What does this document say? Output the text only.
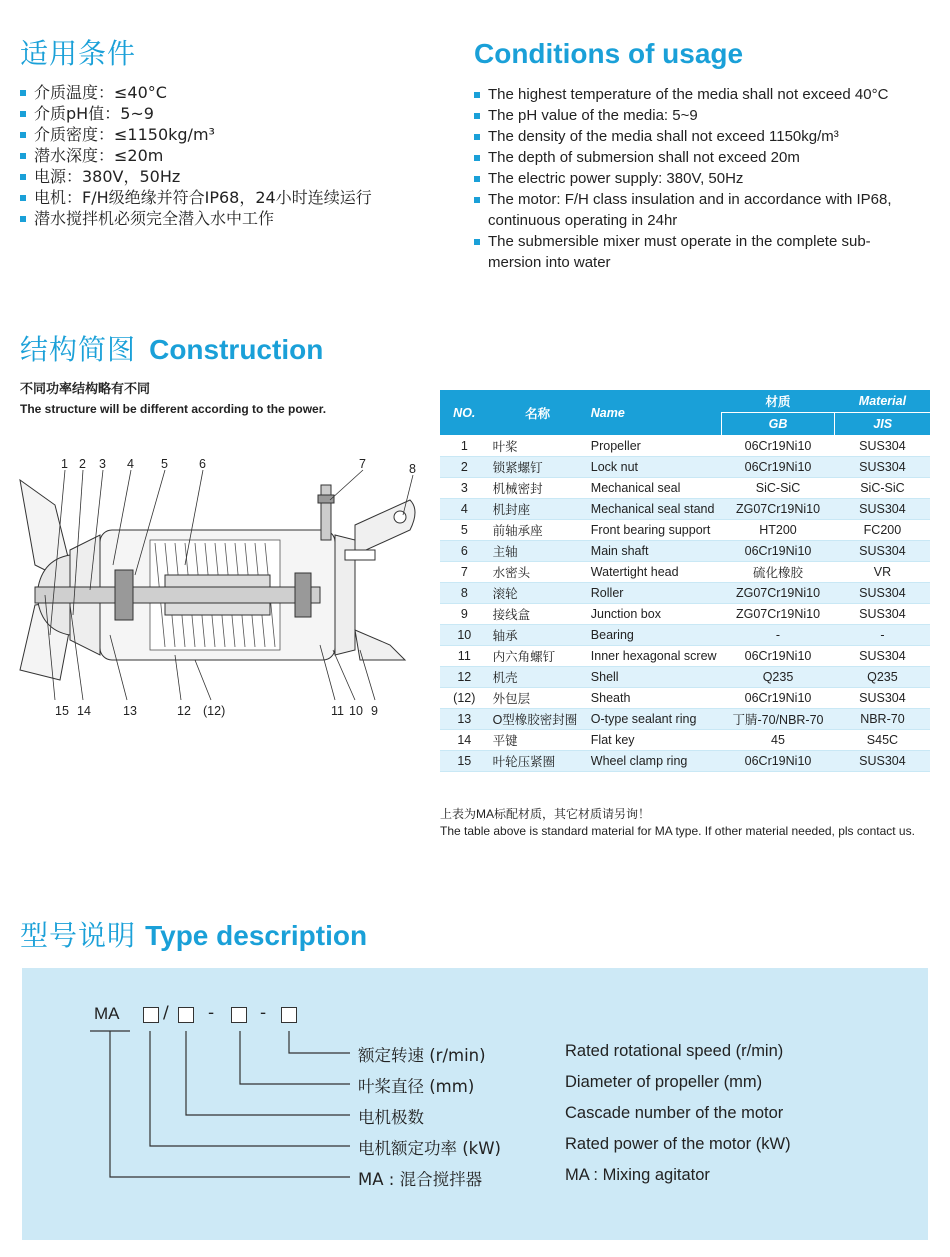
适用条件	Conditions of usage
介质温度：≤40°C
介质pH值：5~9
介质密度：≤1150kg/m³
潜水深度：≤20m
电源：380V，50Hz
电机：F/H级绝缘并符合IP68，24小时连续运行
潜水搅拌机必须完全潜入水中工作
The highest temperature of the media shall not exceed 40°C
The pH value of the media: 5~9
The density of the media shall not exceed 1150kg/m³
The depth of submersion shall not exceed 20m
The electric power supply: 380V, 50Hz
The motor: F/H class insulation and in accordance with IP68, continuous operating in 24hr
The submersible mixer must operate in the complete sub-mersion into water
结构简图 Construction
不同功率结构略有不同
The structure will be different according to the power.
1 2 3 4 5 6	7	8
15 14	13	12 (12)	11 10 9
NO.	名称	Name	材质	Material
			GB	JIS
1	叶桨	Propeller	06Cr19Ni10	SUS304
2	锁紧螺钉	Lock nut	06Cr19Ni10	SUS304
3	机械密封	Mechanical seal	SiC-SiC	SiC-SiC
4	机封座	Mechanical seal stand	ZG07Cr19Ni10	SUS304
5	前轴承座	Front bearing support	HT200	FC200
6	主轴	Main shaft	06Cr19Ni10	SUS304
7	水密头	Watertight head	硫化橡胶	VR
8	滚轮	Roller	ZG07Cr19Ni10	SUS304
9	接线盒	Junction box	ZG07Cr19Ni10	SUS304
10	轴承	Bearing	-	-
11	内六角螺钉	Inner hexagonal screw	06Cr19Ni10	SUS304
12	机壳	Shell	Q235	Q235
(12)	外包层	Sheath	06Cr19Ni10	SUS304
13	O型橡胶密封圈	O-type sealant ring	丁腈-70/NBR-70	NBR-70
14	平键	Flat key	45	S45C
15	叶轮压紧圈	Wheel clamp ring	06Cr19Ni10	SUS304
上表为MA标配材质，其它材质请另询！
The table above is standard material for MA type. If other material needed, pls contact us.
型号说明 Type description
MA	/ -	-
额定转速 (r/min)
叶桨直径 (mm)
电机极数
电机额定功率 (kW)
MA : 混合搅拌器
Rated rotational speed (r/min)
Diameter of propeller (mm)
Cascade number of the motor
Rated power of the motor (kW)
MA : Mixing agitator
